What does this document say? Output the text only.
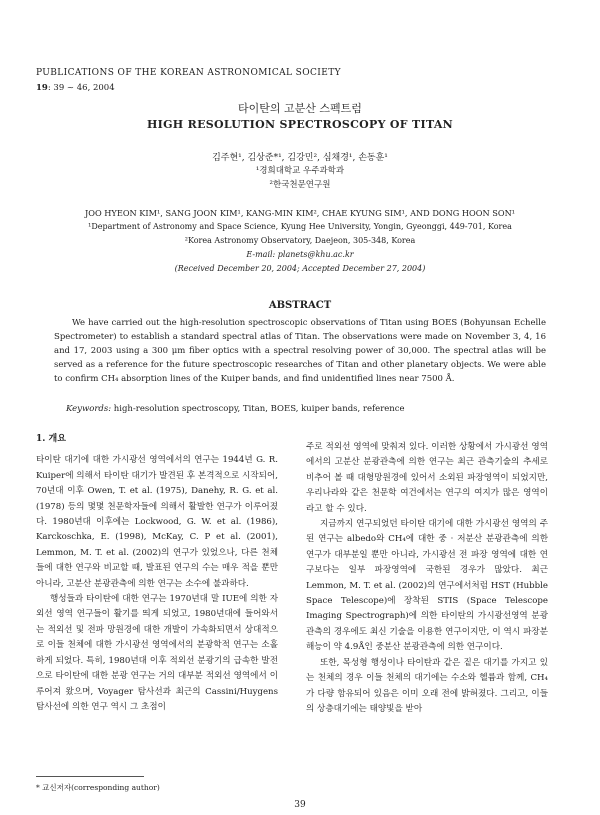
PUBLICATIONS OF THE KOREAN ASTRONOMICAL SOCIETY
19: 39 ~ 46, 2004
타이탄의 고분산 스펙트럼
HIGH RESOLUTION SPECTROSCOPY OF TITAN
김주현¹, 김상준*¹, 김강민², 심채경¹, 손동훈¹
¹경희대학교 우주과학과
²한국천문연구원
JOO HYEON KIM¹, SANG JOON KIM¹, KANG-MIN KIM², CHAE KYUNG SIM¹, AND DONG HOON SON¹
¹Department of Astronomy and Space Science, Kyung Hee University, Yongin, Gyeonggi, 449-701, Korea
²Korea Astronomy Observatory, Daejeon, 305-348, Korea
E-mail: planets@khu.ac.kr
(Received December 20, 2004; Accepted December 27, 2004)
ABSTRACT
We have carried out the high-resolution spectroscopic observations of Titan using BOES (Bohyunsan Echelle Spectrometer) to establish a standard spectral atlas of Titan. The observations were made on November 3, 4, 16 and 17, 2003 using a 300 μm fiber optics with a spectral resolving power of 30,000. The spectral atlas will be served as a reference for the future spectroscopic researches of Titan and other planetary objects. We were able to confirm CH₄ absorption lines of the Kuiper bands, and find unidentified lines near 7500 Å.
Keywords: high-resolution spectroscopy, Titan, BOES, kuiper bands, reference
1. 개요

타이탄 대기에 대한 가시광선 영역에서의 연구는 1944년 G. R. Kuiper에 의해서 타이탄 대기가 발견된 후 본격적으로 시작되어, 70년대 이후 Owen, T. et al. (1975), Danehy, R. G. et al. (1978) 등의 몇몇 천문학자들에 의해서 활발한 연구가 이루어졌다. 1980년대 이후에는 Lockwood, G. W. et al. (1986), Karckoschka, E. (1998), McKay, C. P et al. (2001), Lemmon, M. T. et al. (2002)의 연구가 있었으나, 다른 천체들에 대한 연구와 비교할 때, 발표된 연구의 수는 매우 적을 뿐만 아니라, 고분산 분광관측에 의한 연구는 소수에 불과하다.

행성들과 타이탄에 대한 연구는 1970년대 말 IUE에 의한 자외선 영역 연구들이 활기를 띄게 되었고, 1980년대에 들어와서는 적외선 및 전파 망원경에 대한 개발이 가속화되면서 상대적으로 이들 천체에 대한 가시광선 영역에서의 분광학적 연구는 소홀하게 되었다. 특히, 1980년대 이후 적외선 분광기의 급속한 발전으로 타이탄에 대한 분광 연구는 거의 대부분 적외선 영역에서 이루어져 왔으며, Voyager 탐사선과 최근의 Cassini/Huygens 탐사선에 의한 연구 역시 그 초점이

주로 적외선 영역에 맞춰져 있다. 이러한 상황에서 가시광선 영역에서의 고분산 분광관측에 의한 연구는 최근 관측기술의 추세로 비추어 볼 때 대형망원경에 있어서 소외된 파장영역이 되었지만, 우리나라와 같은 천문학 여건에서는 연구의 여지가 많은 영역이라고 할 수 있다.

지금까지 연구되었던 타이탄 대기에 대한 가시광선 영역의 주된 연구는 albedo와 CH₄에 대한 중 · 저분산 분광관측에 의한 연구가 대부분일 뿐만 아니라, 가시광선 전 파장 영역에 대한 연구보다는 일부 파장영역에 국한된 경우가 많았다. 최근 Lemmon, M. T. et al. (2002)의 연구에서처럼 HST (Hubble Space Telescope)에 장착된 STIS (Space Telescope Imaging Spectrograph)에 의한 타이탄의 가시광선영역 분광 관측의 경우에도 최신 기술을 이용한 연구이지만, 이 역시 파장분해능이 약 4.9Å인 중분산 분광관측에 의한 연구이다.

또한, 목성형 행성이나 타이탄과 같은 짙은 대기를 가지고 있는 천체의 경우 이들 천체의 대기에는 수소와 헬륨과 함께, CH₄가 다량 함유되어 있음은 이미 오래 전에 밝혀졌다. 그리고, 이들의 상층대기에는 태양빛을 받아

* 교신저자(corresponding author)
39
